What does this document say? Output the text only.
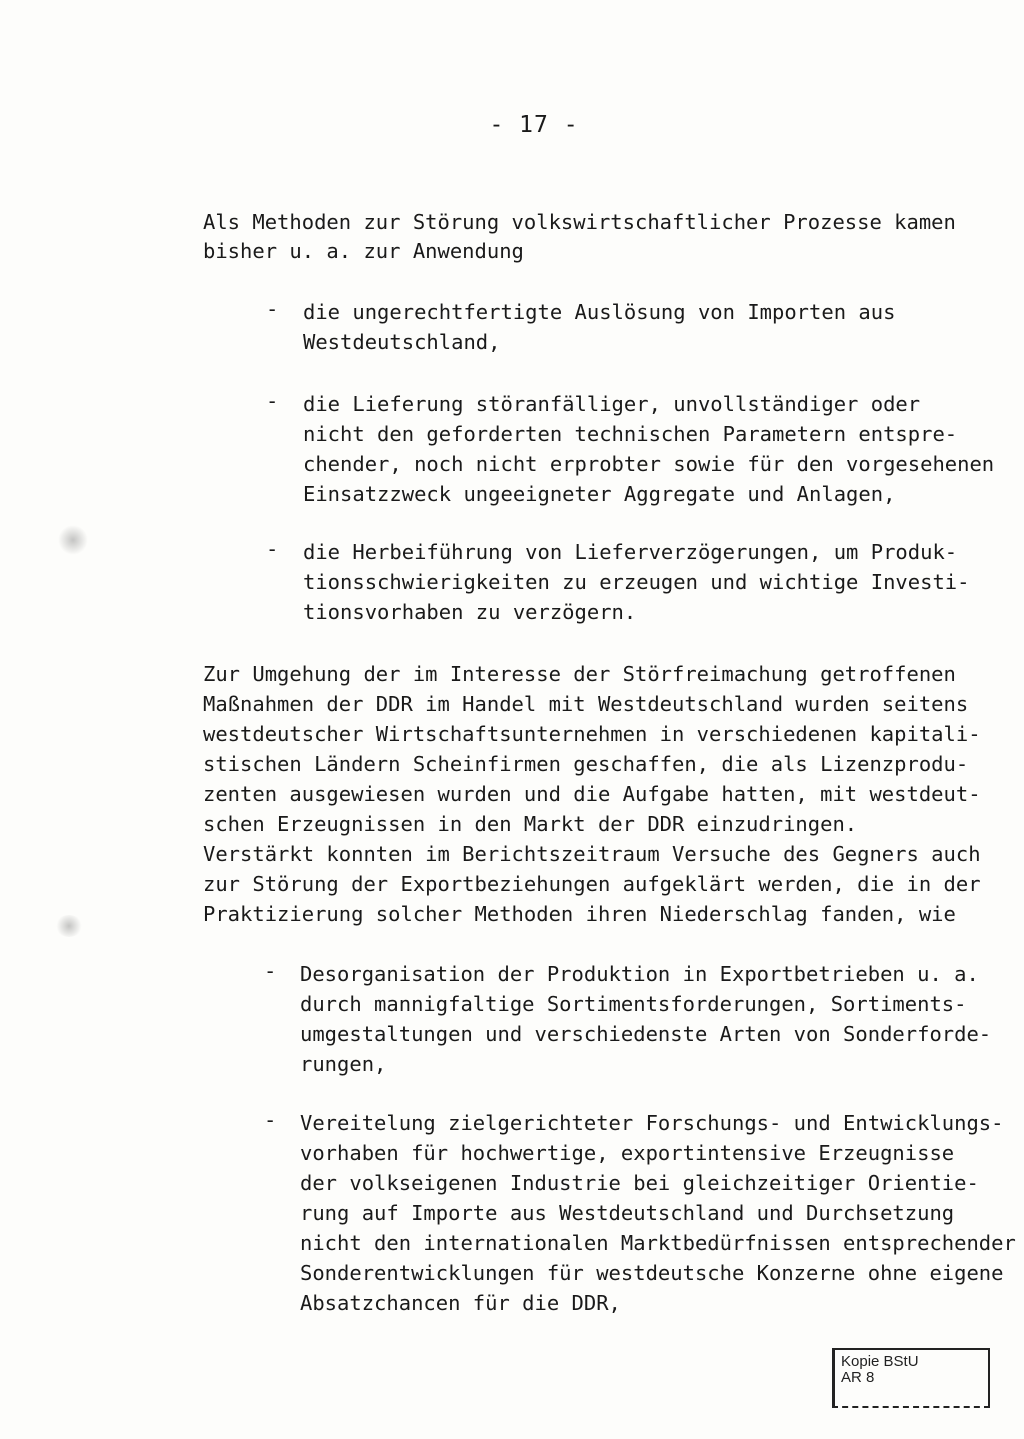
- 17 -
Als Methoden zur Störung volkswirtschaftlicher Prozesse kamen
bisher u. a. zur Anwendung
- die ungerechtfertigte Auslösung von Importen aus
Westdeutschland,
- die Lieferung störanfälliger, unvollständiger oder
nicht den geforderten technischen Parametern entspre-
chender, noch nicht erprobter sowie für den vorgesehenen
Einsatzzweck ungeeigneter Aggregate und Anlagen,
- die Herbeiführung von Lieferverzögerungen, um Produk-
tionsschwierigkeiten zu erzeugen und wichtige Investi-
tionsvorhaben zu verzögern.
Zur Umgehung der im Interesse der Störfreimachung getroffenen
Maßnahmen der DDR im Handel mit Westdeutschland wurden seitens
westdeutscher Wirtschaftsunternehmen in verschiedenen kapitali-
stischen Ländern Scheinfirmen geschaffen, die als Lizenzprodu-
zenten ausgewiesen wurden und die Aufgabe hatten, mit westdeut-
schen Erzeugnissen in den Markt der DDR einzudringen.
Verstärkt konnten im Berichtszeitraum Versuche des Gegners auch
zur Störung der Exportbeziehungen aufgeklärt werden, die in der
Praktizierung solcher Methoden ihren Niederschlag fanden, wie
- Desorganisation der Produktion in Exportbetrieben u. a.
durch mannigfaltige Sortimentsforderungen, Sortiments-
umgestaltungen und verschiedenste Arten von Sonderforde-
rungen,
- Vereitelung zielgerichteter Forschungs- und Entwicklungs-
vorhaben für hochwertige, exportintensive Erzeugnisse
der volkseigenen Industrie bei gleichzeitiger Orientie-
rung auf Importe aus Westdeutschland und Durchsetzung
nicht den internationalen Marktbedürfnissen entsprechender
Sonderentwicklungen für westdeutsche Konzerne ohne eigene
Absatzchancen für die DDR,
Kopie BStU
AR 8
